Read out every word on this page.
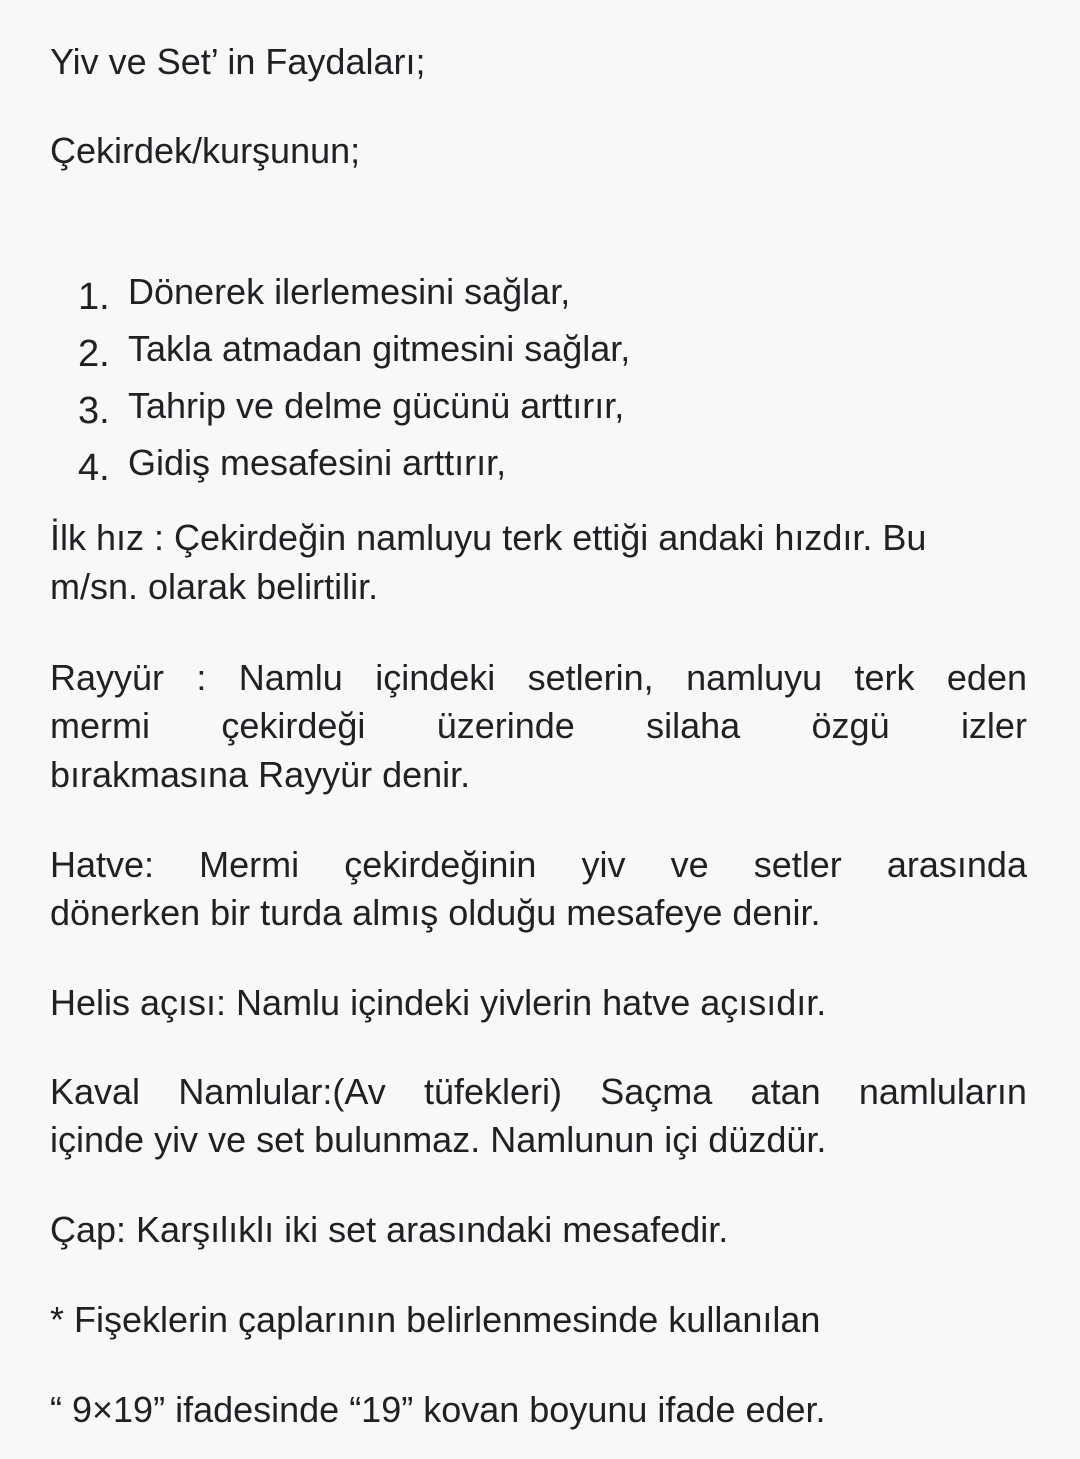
Yiv ve Set’ in Faydaları;
Çekirdek/kurşunun;
1. Dönerek ilerlemesini sağlar,
2. Takla atmadan gitmesini sağlar,
3. Tahrip ve delme gücünü arttırır,
4. Gidiş mesafesini arttırır,
İlk hız : Çekirdeğin namluyu terk ettiği andaki hızdır. Bu
m/sn. olarak belirtilir.
Rayyür : Namlu içindeki setlerin, namluyu terk eden
mermi çekirdeği üzerinde silaha özgü izler
bırakmasına Rayyür denir.
Hatve: Mermi çekirdeğinin yiv ve setler arasında
dönerken bir turda almış olduğu mesafeye denir.
Helis açısı: Namlu içindeki yivlerin hatve açısıdır.
Kaval Namlular:(Av tüfekleri) Saçma atan namluların
içinde yiv ve set bulunmaz. Namlunun içi düzdür.
Çap: Karşılıklı iki set arasındaki mesafedir.
* Fişeklerin çaplarının belirlenmesinde kullanılan
“ 9×19” ifadesinde “19” kovan boyunu ifade eder.
